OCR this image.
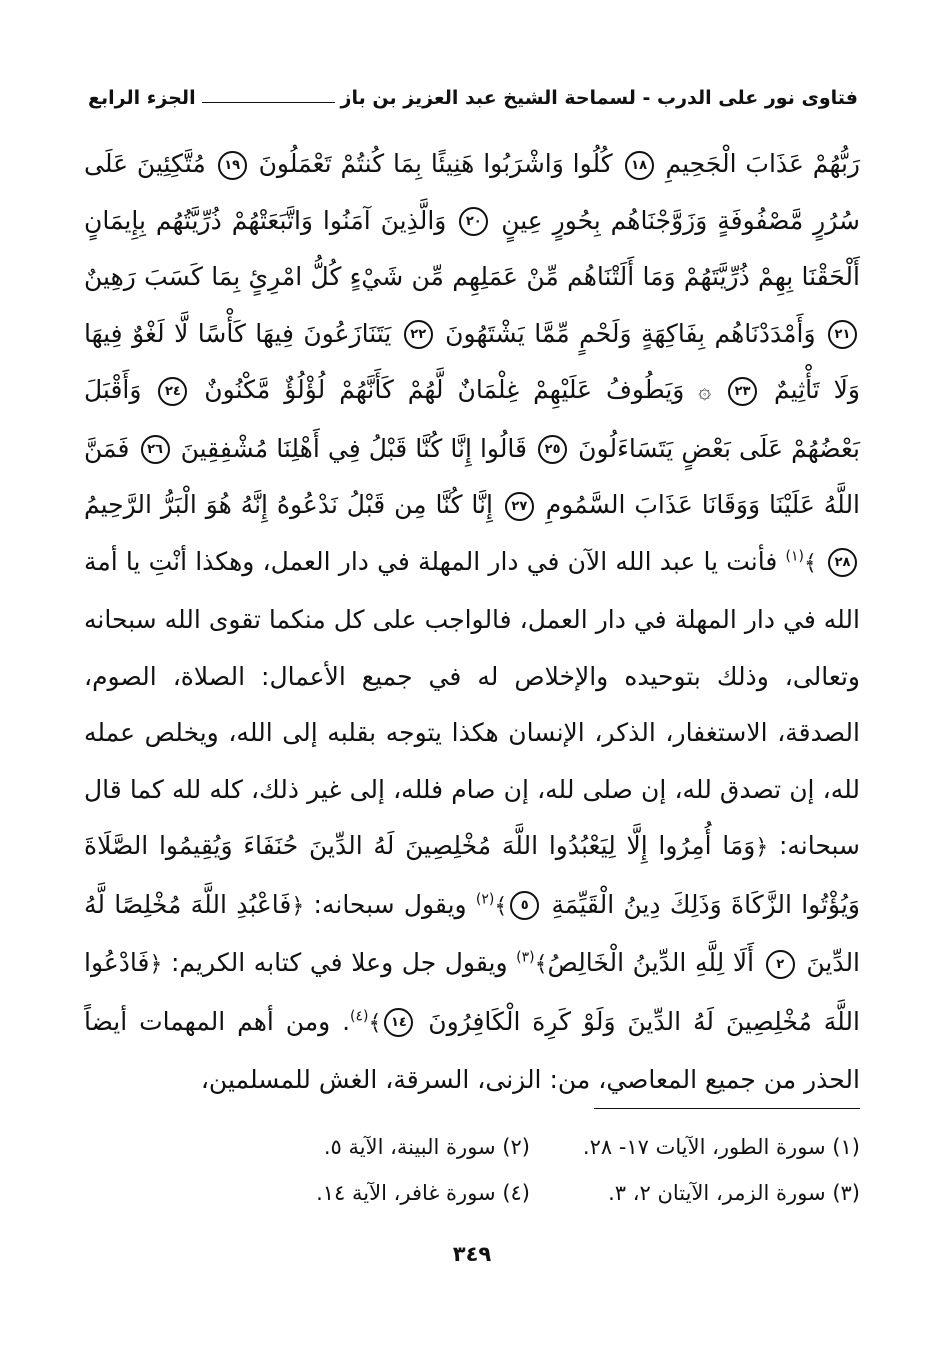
فتاوى نور على الدرب - لسماحة الشيخ عبد العزيز بن باز
الجزء الرابع

رَبُّهُمْ عَذَابَ الْجَحِيمِ ١٨ كُلُوا وَاشْرَبُوا هَنِيئًا بِمَا كُنتُمْ تَعْمَلُونَ ١٩ مُتَّكِئِينَ عَلَى سُرُرٍ مَّصْفُوفَةٍ وَزَوَّجْنَاهُم بِحُورٍ عِينٍ ٢٠ وَالَّذِينَ آمَنُوا وَاتَّبَعَتْهُمْ ذُرِّيَّتُهُم بِإِيمَانٍ أَلْحَقْنَا بِهِمْ ذُرِّيَّتَهُمْ وَمَا أَلَتْنَاهُم مِّنْ عَمَلِهِم مِّن شَيْءٍ كُلُّ امْرِئٍ بِمَا كَسَبَ رَهِينٌ ٢١ وَأَمْدَدْنَاهُم بِفَاكِهَةٍ وَلَحْمٍ مِّمَّا يَشْتَهُونَ ٢٢ يَتَنَازَعُونَ فِيهَا كَأْسًا لَّا لَغْوٌ فِيهَا وَلَا تَأْثِيمٌ ٢٣ ۞ وَيَطُوفُ عَلَيْهِمْ غِلْمَانٌ لَّهُمْ كَأَنَّهُمْ لُؤْلُؤٌ مَّكْنُونٌ ٢٤ وَأَقْبَلَ بَعْضُهُمْ عَلَى بَعْضٍ يَتَسَاءَلُونَ ٢٥ قَالُوا إِنَّا كُنَّا قَبْلُ فِي أَهْلِنَا مُشْفِقِينَ ٢٦ فَمَنَّ اللَّهُ عَلَيْنَا وَوَقَانَا عَذَابَ السَّمُومِ ٢٧ إِنَّا كُنَّا مِن قَبْلُ نَدْعُوهُ إِنَّهُ هُوَ الْبَرُّ الرَّحِيمُ ٢٨ ﴾$^{(١)}$ فأنت يا عبد الله الآن في دار المهلة في دار العمل، وهكذا أنْتِ يا أمة الله في دار المهلة في دار العمل، فالواجب على كل منكما تقوى الله سبحانه وتعالى، وذلك بتوحيده والإخلاص له في جميع الأعمال: الصلاة، الصوم، الصدقة، الاستغفار، الذكر، الإنسان هكذا يتوجه بقلبه إلى الله، ويخلص عمله لله، إن تصدق لله، إن صلى لله، إن صام فلله، إلى غير ذلك، كله لله كما قال سبحانه: ﴿وَمَا أُمِرُوا إِلَّا لِيَعْبُدُوا اللَّهَ مُخْلِصِينَ لَهُ الدِّينَ حُنَفَاءَ وَيُقِيمُوا الصَّلَاةَ وَيُؤْتُوا الزَّكَاةَ وَذَلِكَ دِينُ الْقَيِّمَةِ ٥﴾$^{(٢)}$ ويقول سبحانه: ﴿فَاعْبُدِ اللَّهَ مُخْلِصًا لَّهُ الدِّينَ ٢ أَلَا لِلَّهِ الدِّينُ الْخَالِصُ﴾$^{(٣)}$ ويقول جل وعلا في كتابه الكريم: ﴿فَادْعُوا اللَّهَ مُخْلِصِينَ لَهُ الدِّينَ وَلَوْ كَرِهَ الْكَافِرُونَ ١٤﴾$^{(٤)}$. ومن أهم المهمات أيضاً الحذر من جميع المعاصي، من: الزنى، السرقة، الغش للمسلمين،

(١) سورة الطور، الآيات ١٧- ٢٨.
(٢) سورة البينة، الآية ٥.
(٣) سورة الزمر، الآيتان ٢، ٣.
(٤) سورة غافر، الآية ١٤.
٣٤٩
